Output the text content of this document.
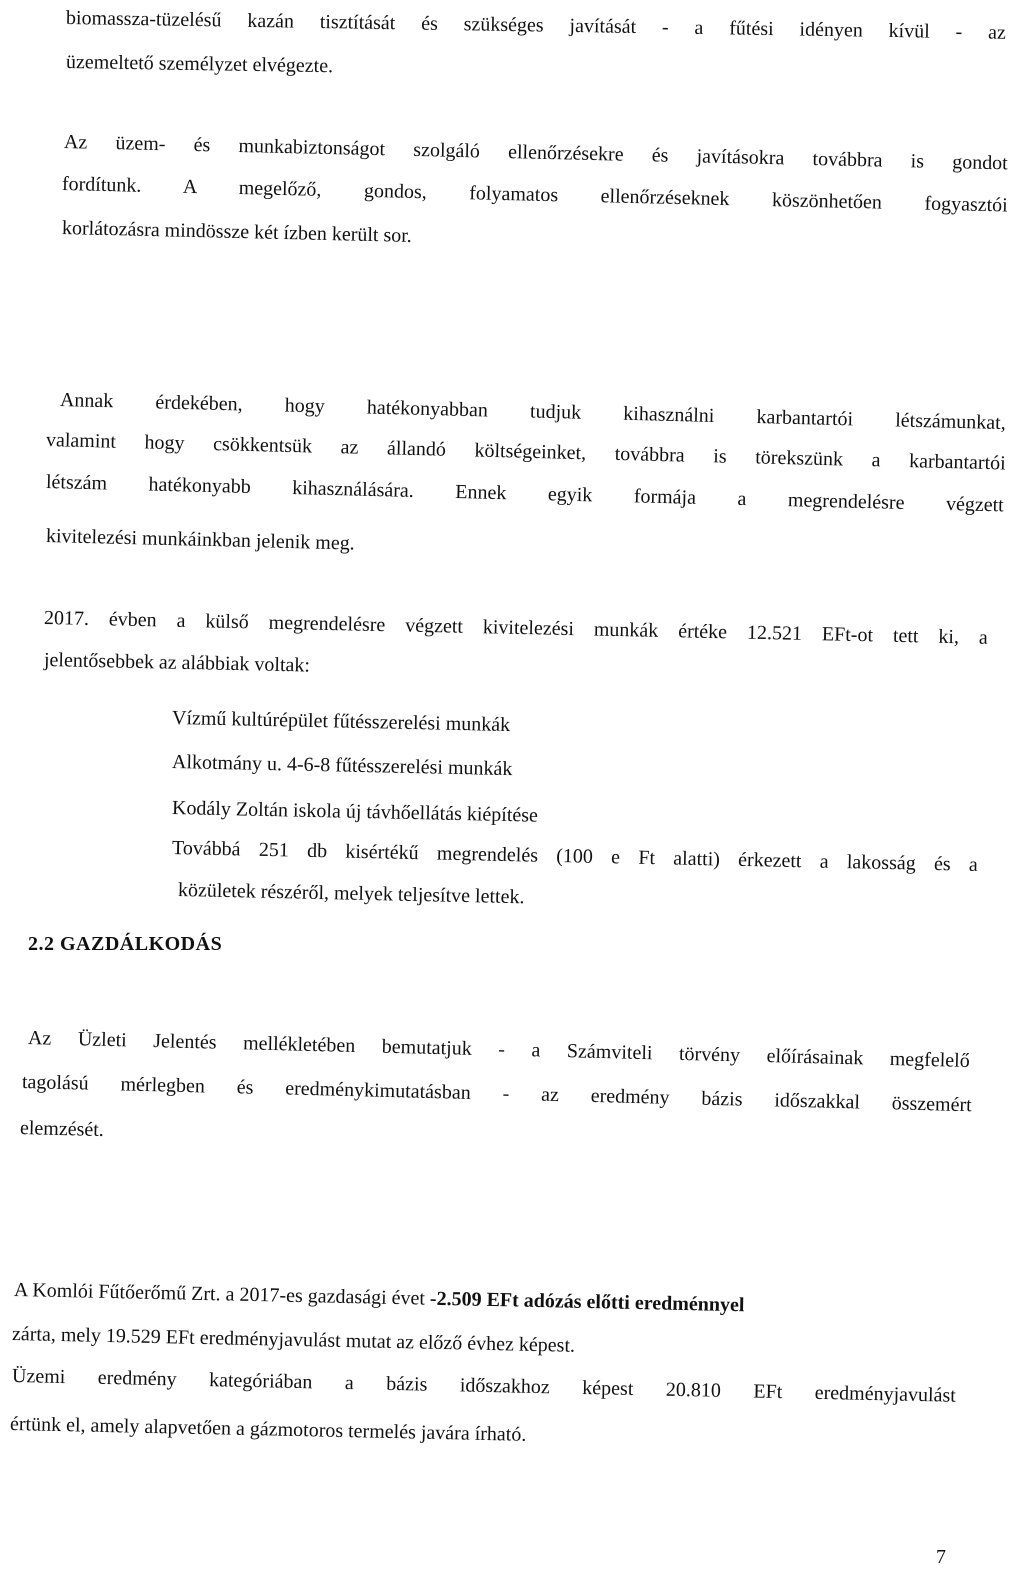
biomassza-tüzelésű kazán tisztítását és szükséges javítását - a fűtési idényen kívül - az

üzemeltető személyzet elvégezte.

Az üzem- és munkabiztonságot szolgáló ellenőrzésekre és javításokra továbbra is gondot

fordítunk. A megelőző, gondos, folyamatos ellenőrzéseknek köszönhetően fogyasztói

korlátozásra mindössze két ízben került sor.

Annak érdekében, hogy hatékonyabban tudjuk kihasználni karbantartói létszámunkat,

valamint hogy csökkentsük az állandó költségeinket, továbbra is törekszünk a karbantartói

létszám hatékonyabb kihasználására. Ennek egyik formája a megrendelésre végzett

kivitelezési munkáinkban jelenik meg.

2017. évben a külső megrendelésre végzett kivitelezési munkák értéke 12.521 EFt-ot tett ki, a

jelentősebbek az alábbiak voltak:

Vízmű kultúrépület fűtésszerelési munkák

Alkotmány u. 4-6-8 fűtésszerelési munkák

Kodály Zoltán iskola új távhőellátás kiépítése

Továbbá 251 db kisértékű megrendelés (100 e Ft alatti) érkezett a lakosság és a

közületek részéről, melyek teljesítve lettek.

2.2 GAZDÁLKODÁS

Az Üzleti Jelentés mellékletében bemutatjuk - a Számviteli törvény előírásainak megfelelő

tagolású mérlegben és eredménykimutatásban - az eredmény bázis időszakkal összemért

elemzését.

A Komlói Fűtőerőmű Zrt. a 2017-es gazdasági évet -2.509 EFt adózás előtti eredménnyel

zárta, mely 19.529 EFt eredményjavulást mutat az előző évhez képest.

Üzemi eredmény kategóriában a bázis időszakhoz képest 20.810 EFt eredményjavulást

értünk el, amely alapvetően a gázmotoros termelés javára írható.

7
